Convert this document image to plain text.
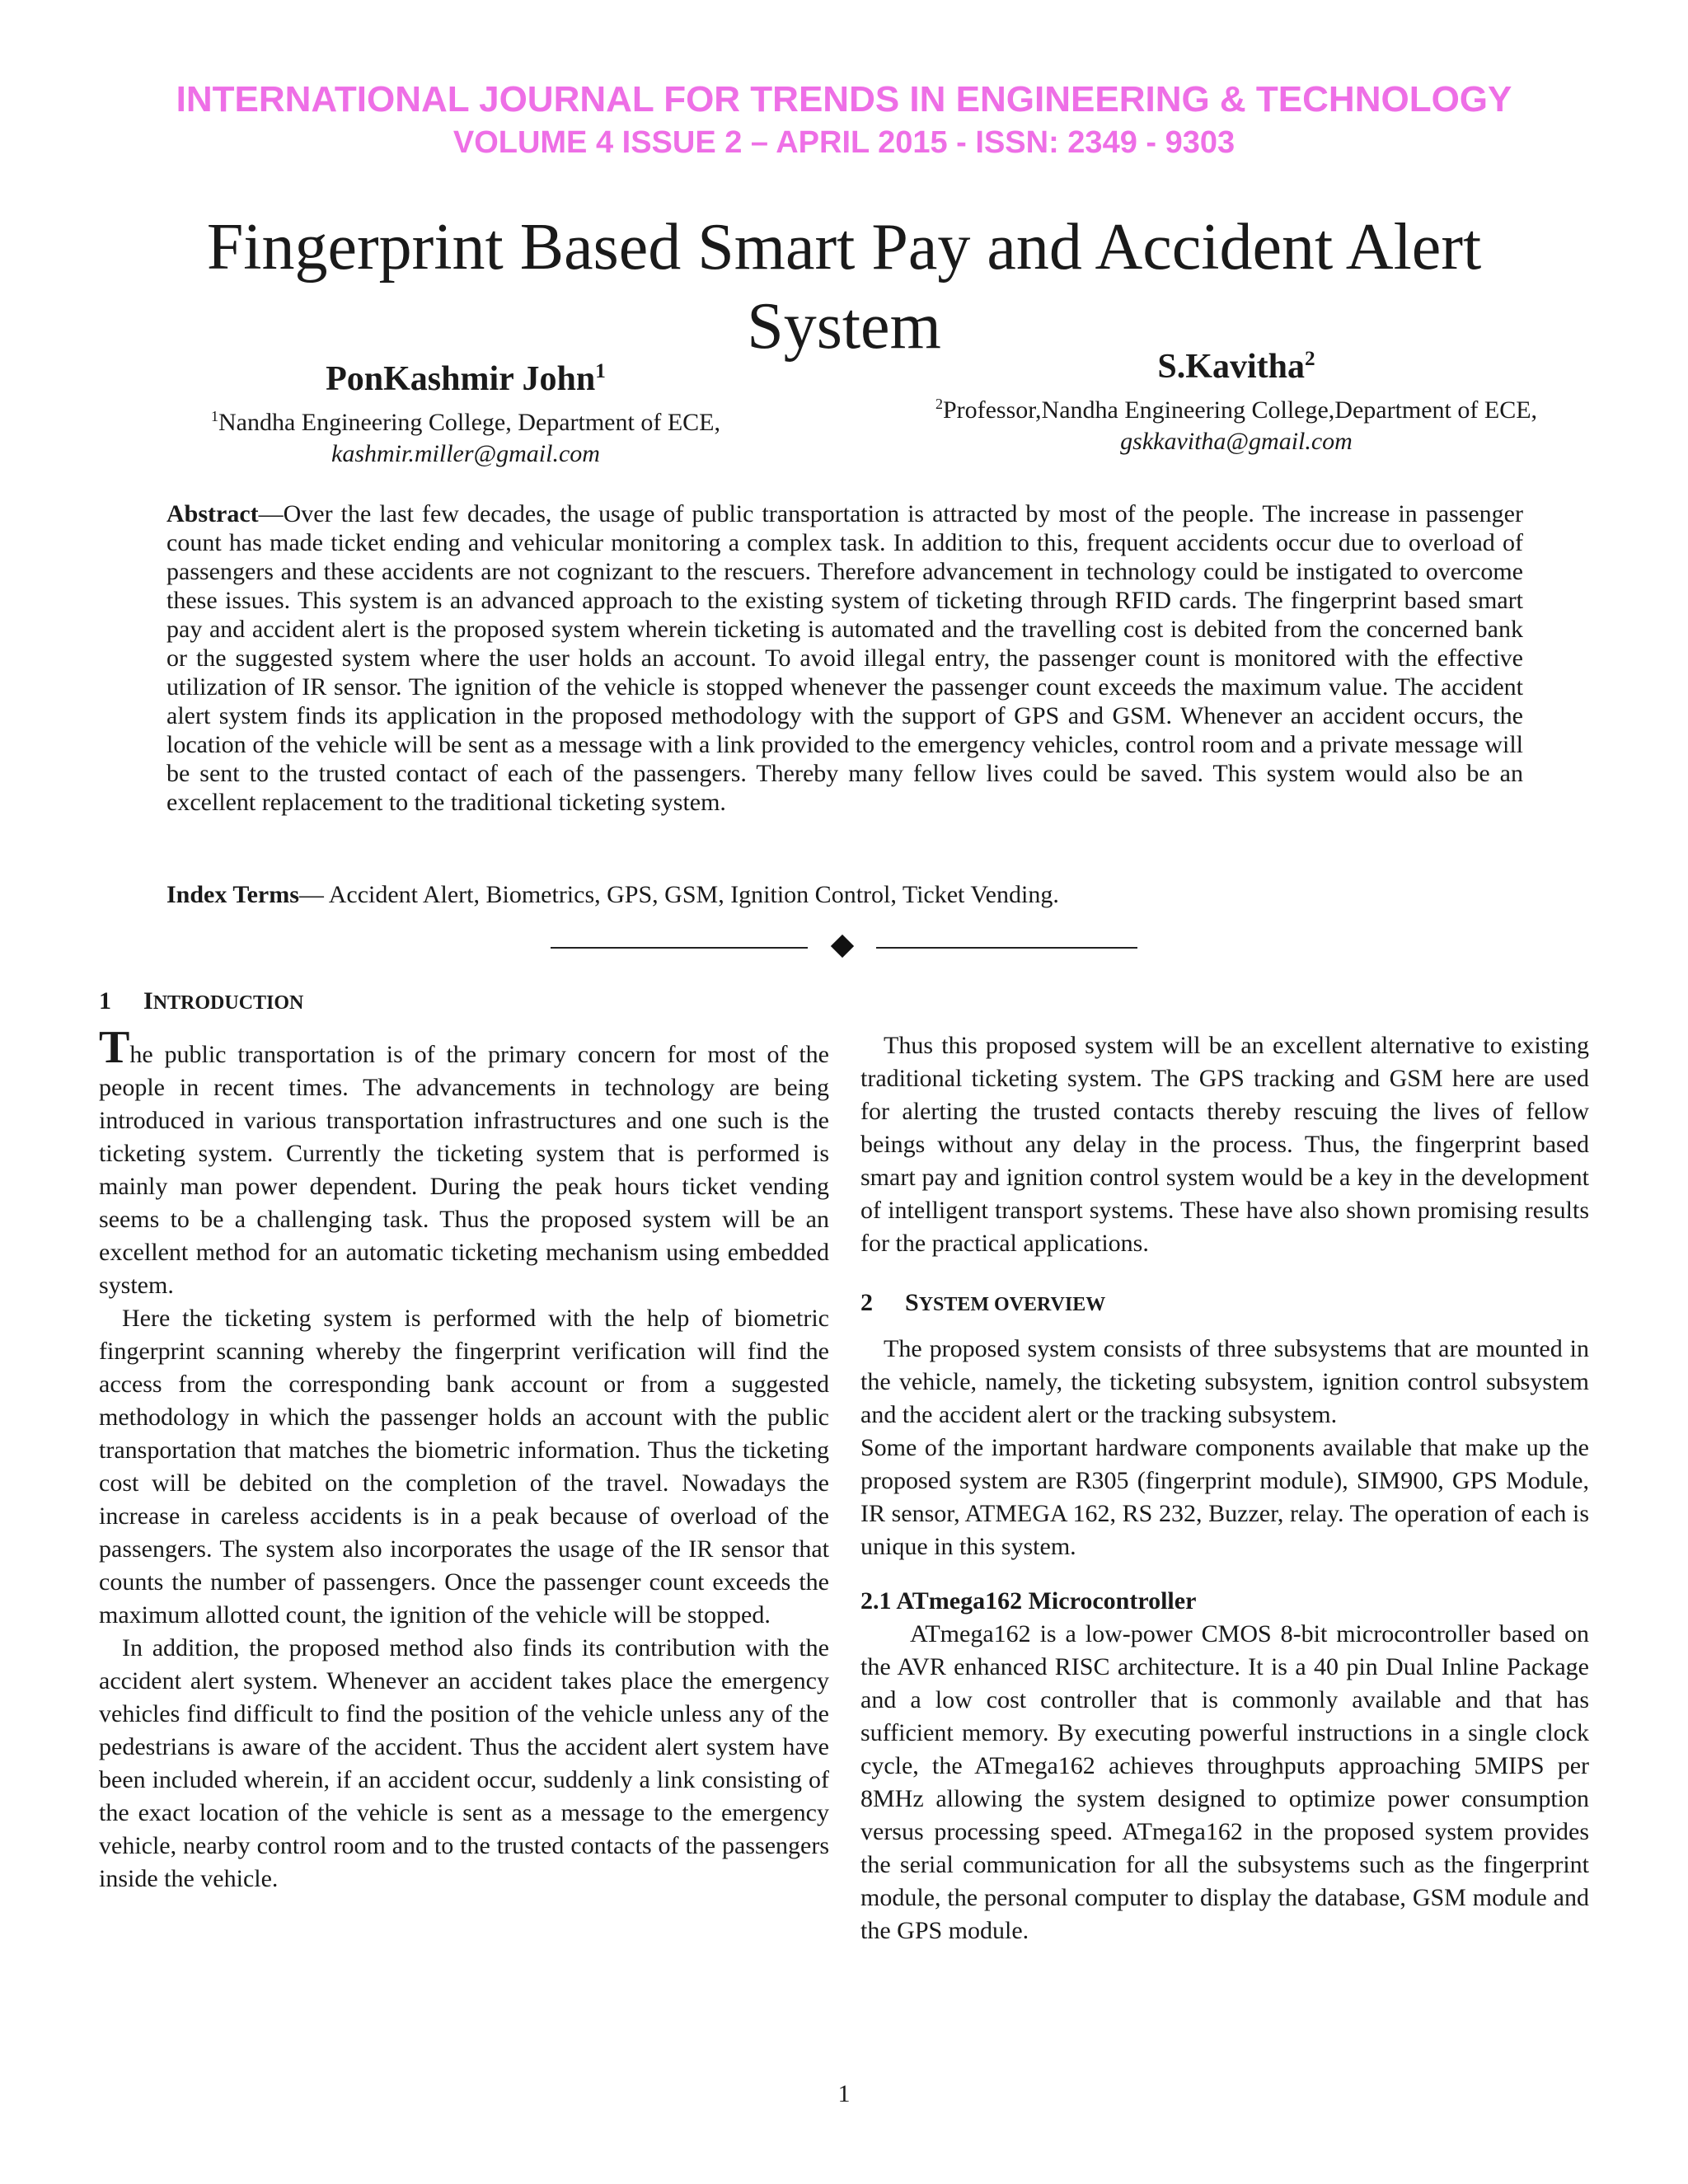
INTERNATIONAL JOURNAL FOR TRENDS IN ENGINEERING & TECHNOLOGY
VOLUME 4 ISSUE 2 – APRIL 2015 - ISSN: 2349 - 9303
Fingerprint Based Smart Pay and Accident Alert System
PonKashmir John$^1$
$^1$Nandha Engineering College, Department of ECE,
kashmir.miller@gmail.com
S.Kavitha$^2$
$^2$Professor,Nandha Engineering College,Department of ECE,
gskkavitha@gmail.com
Abstract—Over the last few decades, the usage of public transportation is attracted by most of the people. The increase in passenger count has made ticket ending and vehicular monitoring a complex task. In addition to this, frequent accidents occur due to overload of passengers and these accidents are not cognizant to the rescuers. Therefore advancement in technology could be instigated to overcome these issues. This system is an advanced approach to the existing system of ticketing through RFID cards. The fingerprint based smart pay and accident alert is the proposed system wherein ticketing is automated and the travelling cost is debited from the concerned bank or the suggested system where the user holds an account. To avoid illegal entry, the passenger count is monitored with the effective utilization of IR sensor. The ignition of the vehicle is stopped whenever the passenger count exceeds the maximum value. The accident alert system finds its application in the proposed methodology with the support of GPS and GSM. Whenever an accident occurs, the location of the vehicle will be sent as a message with a link provided to the emergency vehicles, control room and a private message will be sent to the trusted contact of each of the passengers. Thereby many fellow lives could be saved. This system would also be an excellent replacement to the traditional ticketing system.
Index Terms— Accident Alert, Biometrics, GPS, GSM, Ignition Control, Ticket Vending.
1 INTRODUCTION

The public transportation is of the primary concern for most of the people in recent times. The advancements in technology are being introduced in various transportation infrastructures and one such is the ticketing system. Currently the ticketing system that is performed is mainly man power dependent. During the peak hours ticket vending seems to be a challenging task. Thus the proposed system will be an excellent method for an automatic ticketing mechanism using embedded system.

Here the ticketing system is performed with the help of biometric fingerprint scanning whereby the fingerprint verification will find the access from the corresponding bank account or from a suggested methodology in which the passenger holds an account with the public transportation that matches the biometric information. Thus the ticketing cost will be debited on the completion of the travel. Nowadays the increase in careless accidents is in a peak because of overload of the passengers. The system also incorporates the usage of the IR sensor that counts the number of passengers. Once the passenger count exceeds the maximum allotted count, the ignition of the vehicle will be stopped.

In addition, the proposed method also finds its contribution with the accident alert system. Whenever an accident takes place the emergency vehicles find difficult to find the position of the vehicle unless any of the pedestrians is aware of the accident. Thus the accident alert system have been included wherein, if an accident occur, suddenly a link consisting of the exact location of the vehicle is sent as a message to the emergency vehicle, nearby control room and to the trusted contacts of the passengers inside the vehicle.

Thus this proposed system will be an excellent alternative to existing traditional ticketing system. The GPS tracking and GSM here are used for alerting the trusted contacts thereby rescuing the lives of fellow beings without any delay in the process. Thus, the fingerprint based smart pay and ignition control system would be a key in the development of intelligent transport systems. These have also shown promising results for the practical applications.

2 SYSTEM OVERVIEW

The proposed system consists of three subsystems that are mounted in the vehicle, namely, the ticketing subsystem, ignition control subsystem and the accident alert or the tracking subsystem.

Some of the important hardware components available that make up the proposed system are R305 (fingerprint module), SIM900, GPS Module, IR sensor, ATMEGA 162, RS 232, Buzzer, relay. The operation of each is unique in this system.

2.1 ATmega162 Microcontroller

ATmega162 is a low-power CMOS 8-bit microcontroller based on the AVR enhanced RISC architecture. It is a 40 pin Dual Inline Package and a low cost controller that is commonly available and that has sufficient memory. By executing powerful instructions in a single clock cycle, the ATmega162 achieves throughputs approaching 5MIPS per 8MHz allowing the system designed to optimize power consumption versus processing speed. ATmega162 in the proposed system provides the serial communication for all the subsystems such as the fingerprint module, the personal computer to display the database, GSM module and the GPS module.

1
